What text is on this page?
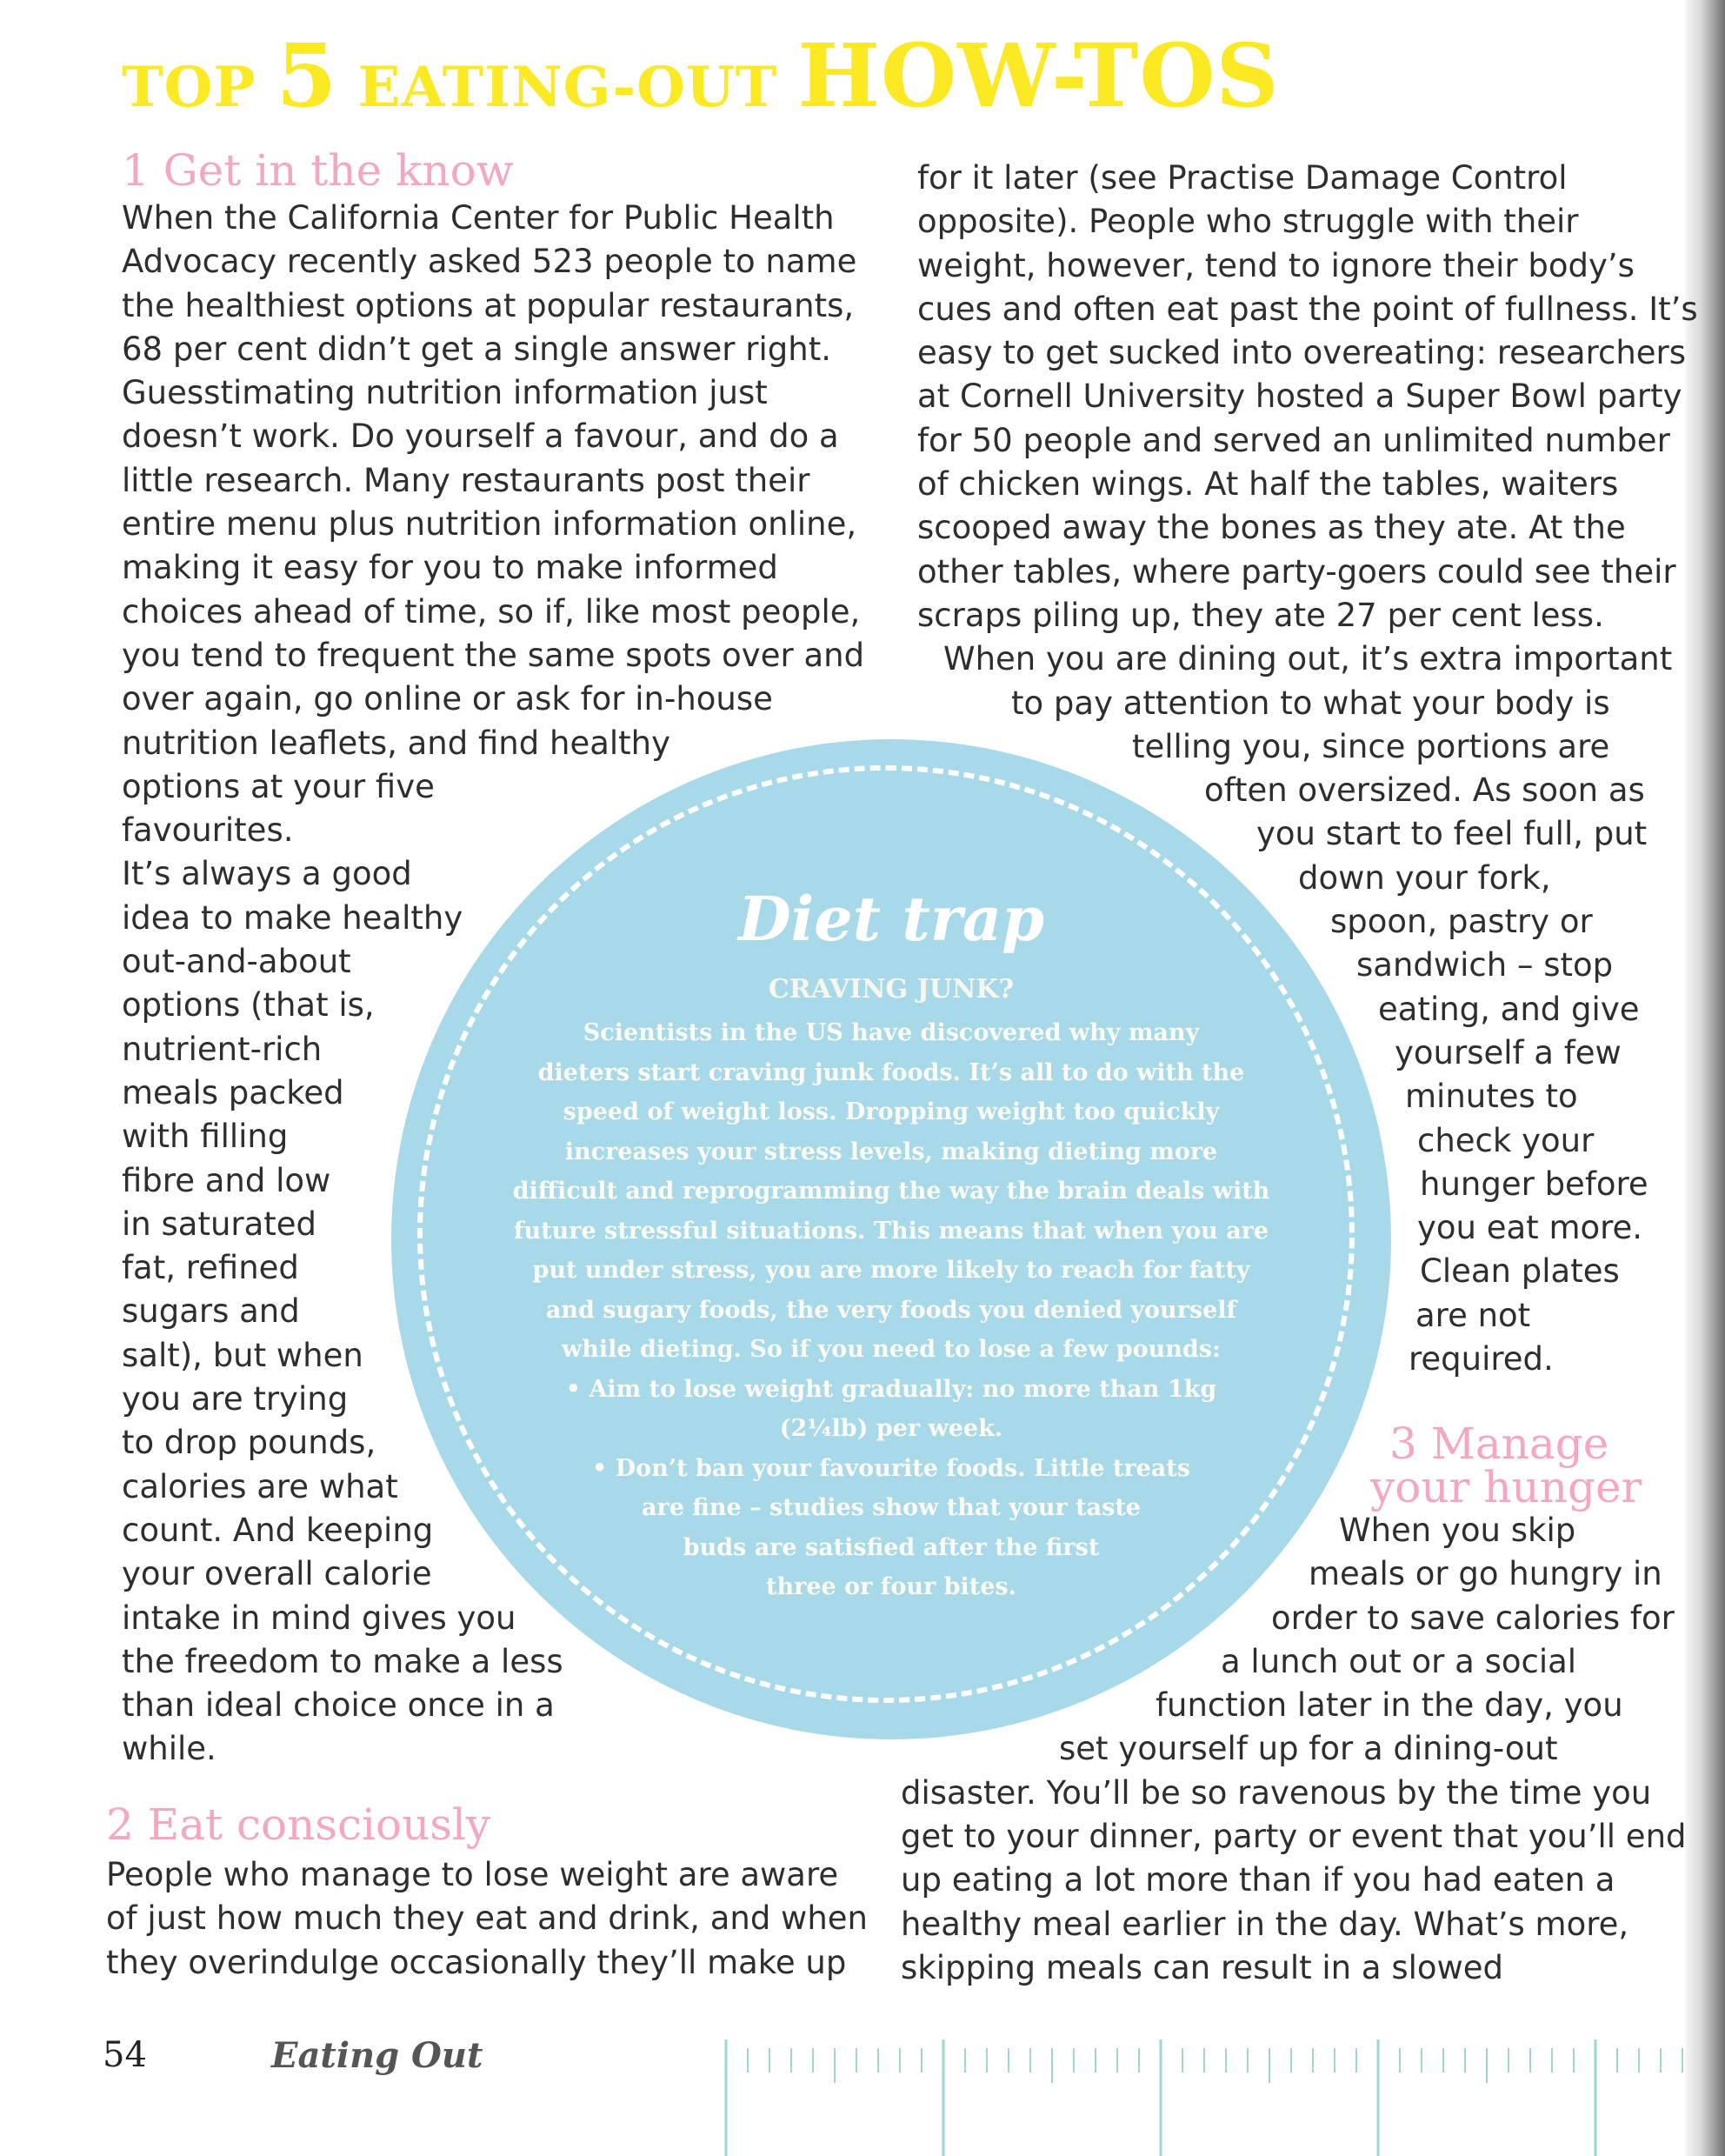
TOP 5 EATING-OUT HOW-TOS
1 Get in the know
When the California Center for Public Health
Advocacy recently asked 523 people to name
the healthiest options at popular restaurants,
68 per cent didn’t get a single answer right.
Guesstimating nutrition information just
doesn’t work. Do yourself a favour, and do a
little research. Many restaurants post their
entire menu plus nutrition information online,
making it easy for you to make informed
choices ahead of time, so if, like most people,
you tend to frequent the same spots over and
over again, go online or ask for in-house
nutrition leaflets, and find healthy
options at your five
favourites.
It’s always a good
idea to make healthy
out-and-about
options (that is,
nutrient-rich
meals packed
with filling
fibre and low
in saturated
fat, refined
sugars and
salt), but when
you are trying
to drop pounds,
calories are what
count. And keeping
your overall calorie
intake in mind gives you
the freedom to make a less
than ideal choice once in a
while.
2 Eat consciously
People who manage to lose weight are aware
of just how much they eat and drink, and when
they overindulge occasionally they’ll make up
for it later (see Practise Damage Control
opposite). People who struggle with their
weight, however, tend to ignore their body’s
cues and often eat past the point of fullness. It’s
easy to get sucked into overeating: researchers
at Cornell University hosted a Super Bowl party
for 50 people and served an unlimited number
of chicken wings. At half the tables, waiters
scooped away the bones as they ate. At the
other tables, where party-goers could see their
scraps piling up, they ate 27 per cent less.
When you are dining out, it’s extra important
to pay attention to what your body is
telling you, since portions are
often oversized. As soon as
you start to feel full, put
down your fork,
spoon, pastry or
sandwich – stop
eating, and give
yourself a few
minutes to
check your
hunger before
you eat more.
Clean plates
are not
required.
3 Manage
your hunger
When you skip
meals or go hungry in
order to save calories for
a lunch out or a social
function later in the day, you
set yourself up for a dining-out
disaster. You’ll be so ravenous by the time you
get to your dinner, party or event that you’ll end
up eating a lot more than if you had eaten a
healthy meal earlier in the day. What’s more,
skipping meals can result in a slowed
Diet trap
CRAVING JUNK?
Scientists in the US have discovered why many
dieters start craving junk foods. It’s all to do with the
speed of weight loss. Dropping weight too quickly
increases your stress levels, making dieting more
difficult and reprogramming the way the brain deals with
future stressful situations. This means that when you are
put under stress, you are more likely to reach for fatty
and sugary foods, the very foods you denied yourself
while dieting. So if you need to lose a few pounds:
• Aim to lose weight gradually: no more than 1kg
(2¼lb) per week.
• Don’t ban your favourite foods. Little treats
are fine – studies show that your taste
buds are satisfied after the first
three or four bites.

54	Eating Out
